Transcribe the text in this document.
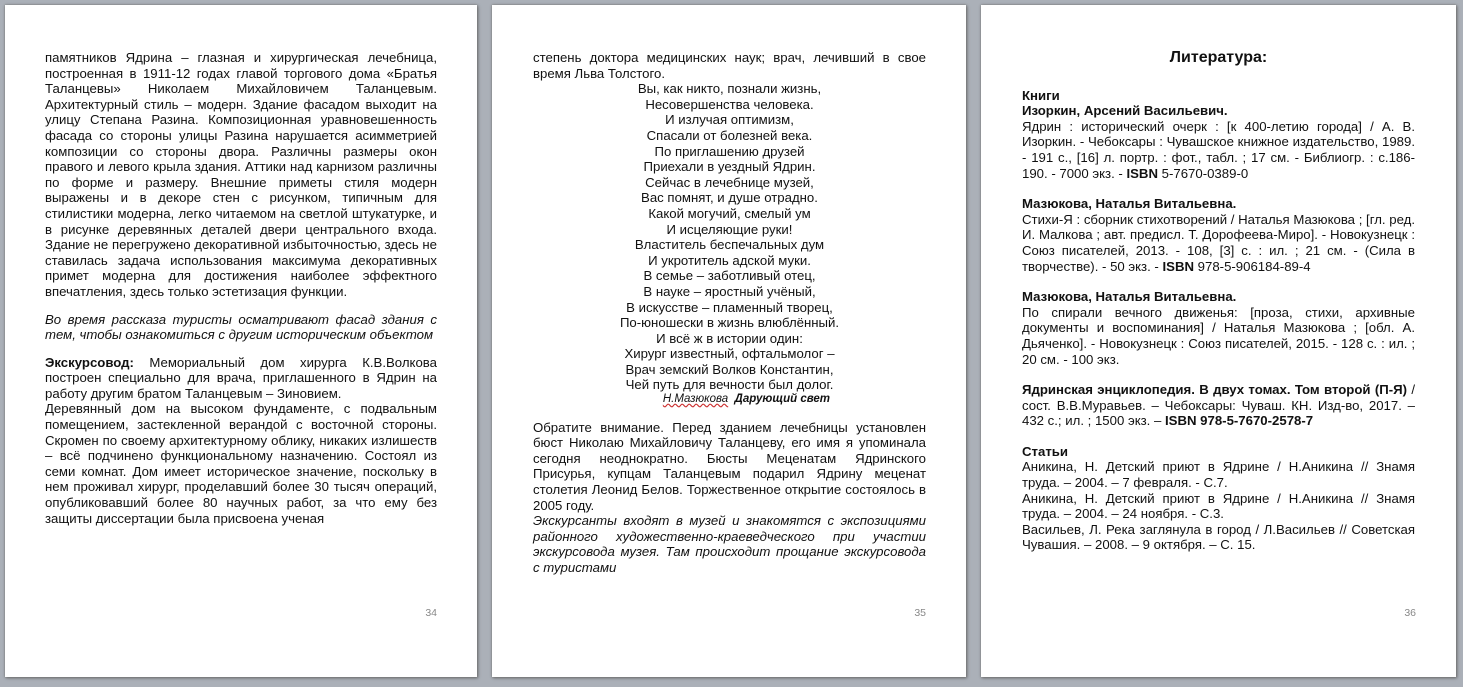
памятников Ядрина – глазная и хирургическая лечебница, построенная в 1911-12 годах главой торгового дома «Братья Таланцевы» Николаем Михайловичем Таланцевым. Архитектурный стиль – модерн. Здание фасадом выходит на улицу Степана Разина. Композиционная уравновешенность фасада со стороны улицы Разина нарушается асимметрией композиции со стороны двора. Различны размеры окон правого и левого крыла здания. Аттики над карнизом различны по форме и размеру. Внешние приметы стиля модерн выражены и в декоре стен с рисунком, типичным для стилистики модерна, легко читаемом на светлой штукатурке, и в рисунке деревянных деталей двери центрального входа. Здание не перегружено декоративной избыточностью, здесь не ставилась задача использования максимума декоративных примет модерна для достижения наиболее эффектного впечатления, здесь только эстетизация функции.

Во время рассказа туристы осматривают фасад здания с тем, чтобы ознакомиться с другим историческим объектом

Экскурсовод: Мемориальный дом хирурга К.В.Волкова построен специально для врача, приглашенного в Ядрин на работу другим братом Таланцевым – Зиновием.

Деревянный дом на высоком фундаменте, с подвальным помещением, застекленной верандой с восточной стороны. Скромен по своему архитектурному облику, никаких излишеств – всё подчинено функциональному назначению. Состоял из семи комнат. Дом имеет историческое значение, поскольку в нем проживал хирург, проделавший более 30 тысяч операций, опубликовавший более 80 научных работ, за что ему без защиты диссертации была присвоена ученая

34

степень доктора медицинских наук; врач, лечивший в свое время Льва Толстого.

Вы, как никто, познали жизнь,
Несовершенства человека.
И излучая оптимизм,
Спасали от болезней века.
По приглашению друзей
Приехали в уездный Ядрин.
Сейчас в лечебнице музей,
Вас помнят, и душе отрадно.
Какой могучий, смелый ум
И исцеляющие руки!
Властитель беспечальных дум
И укротитель адской муки.
В семье – заботливый отец,
В науке – яростный учёный,
В искусстве – пламенный творец,
По-юношески в жизнь влюблённый.
И всё ж в истории один:
Хирург известный, офтальмолог –
Врач земский Волков Константин,
Чей путь для вечности был долог.
Н.Мазюкова Дарующий свет

Обратите внимание. Перед зданием лечебницы установлен бюст Николаю Михайловичу Таланцеву, его имя я упоминала сегодня неоднократно. Бюсты Меценатам Ядринского Присурья, купцам Таланцевым подарил Ядрину меценат столетия Леонид Белов. Торжественное открытие состоялось в 2005 году.

Экскурсанты входят в музей и знакомятся с экспозициями районного художественно-краеведческого при участии экскурсовода музея. Там происходит прощание экскурсовода с туристами

35
Литература:

Книги

Изоркин, Арсений Васильевич.

Ядрин : исторический очерк : [к 400-летию города] / А. В. Изоркин. - Чебоксары : Чувашское книжное издательство, 1989. - 191 с., [16] л. портр. : фот., табл. ; 17 см. - Библиогр. : с.186-190. - 7000 экз. - ISBN 5-7670-0389-0

Мазюкова, Наталья Витальевна.

Стихи-Я : сборник стихотворений / Наталья Мазюкова ; [гл. ред. И. Малкова ; авт. предисл. Т. Дорофеева-Миро]. - Новокузнецк : Союз писателей, 2013. - 108, [3] с. : ил. ; 21 см. - (Сила в творчестве). - 50 экз. - ISBN 978-5-906184-89-4

Мазюкова, Наталья Витальевна.

По спирали вечного движенья: [проза, стихи, архивные документы и воспоминания] / Наталья Мазюкова ; [обл. А. Дьяченко]. - Новокузнецк : Союз писателей, 2015. - 128 с. : ил. ; 20 см. - 100 экз.

Ядринская энциклопедия. В двух томах. Том второй (П-Я) / сост. В.В.Муравьев. – Чебоксары: Чуваш. КН. Изд-во, 2017. – 432 с.; ил. ; 1500 экз. – ISBN 978-5-7670-2578-7

Статьи

Аникина, Н. Детский приют в Ядрине / Н.Аникина // Знамя труда. – 2004. – 7 февраля. - С.7.

Аникина, Н. Детский приют в Ядрине / Н.Аникина // Знамя труда. – 2004. – 24 ноября. - С.3.

Васильев, Л. Река заглянула в город / Л.Васильев // Советская Чувашия. – 2008. – 9 октября. – С. 15.

36
